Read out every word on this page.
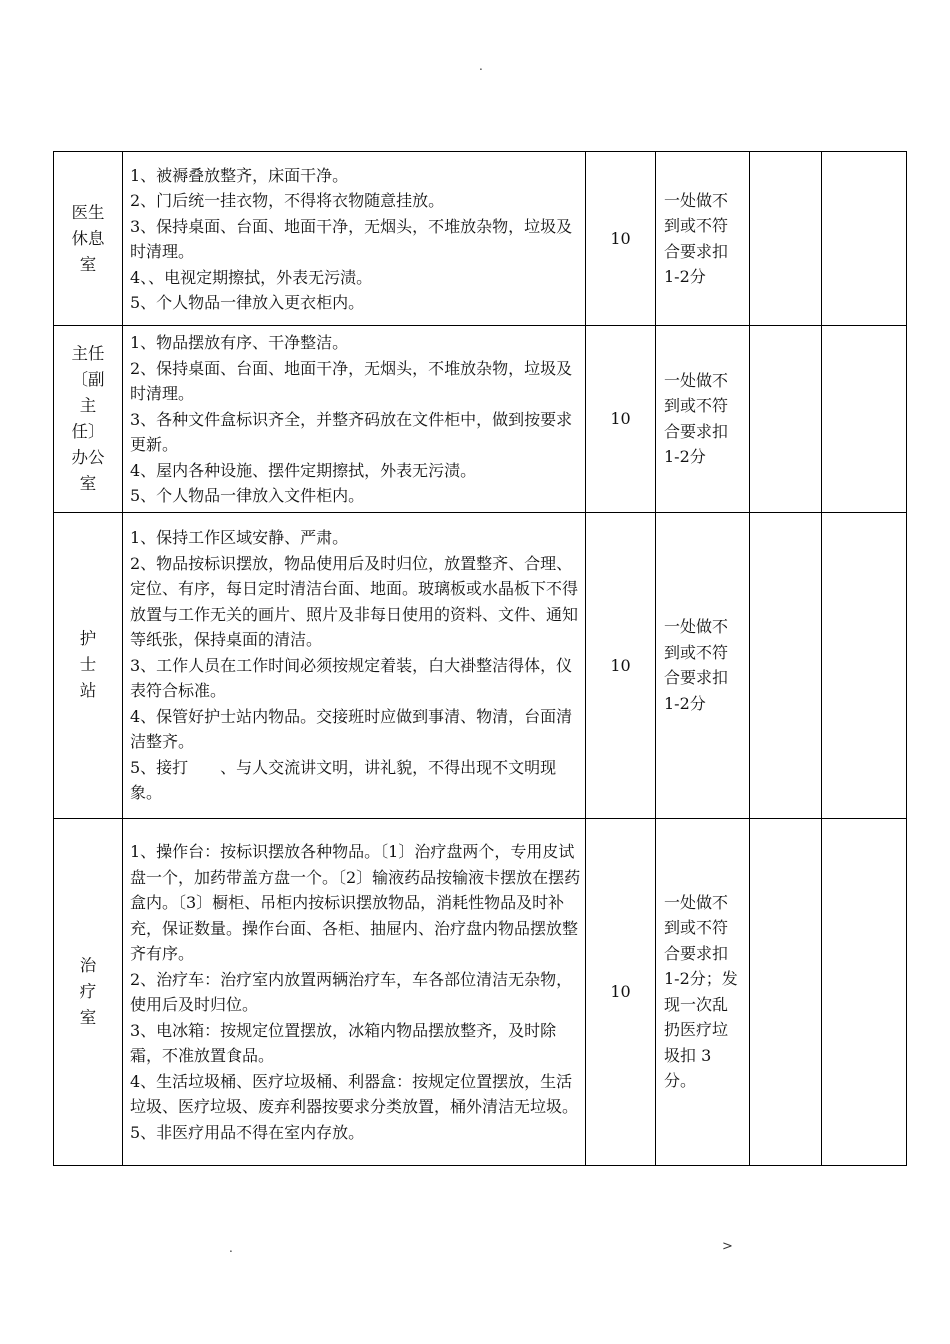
.
医生休息室	1、被褥叠放整齐，床面干净。

2、门后统一挂衣物，不得将衣物随意挂放。

3、保持桌面、台面、地面干净，无烟头，不堆放杂物，垃圾及时清理。

4、、电视定期擦拭，外表无污渍。

5、个人物品一律放入更衣柜内。	10	一处做不到或不符合要求扣1-2分		

主任〔副主任〕办公室	1、物品摆放有序、干净整洁。

2、保持桌面、台面、地面干净，无烟头，不堆放杂物，垃圾及时清理。

3、各种文件盒标识齐全，并整齐码放在文件柜中，做到按要求更新。

4、屋内各种设施、摆件定期擦拭，外表无污渍。

5、个人物品一律放入文件柜内。	10	一处做不到或不符合要求扣1-2分		

护士站	1、保持工作区域安静、严肃。

2、物品按标识摆放，物品使用后及时归位，放置整齐、合理、定位、有序，每日定时清洁台面、地面。玻璃板或水晶板下不得放置与工作无关的画片、照片及非每日使用的资料、文件、通知等纸张，保持桌面的清洁。

3、工作人员在工作时间必须按规定着装，白大褂整洁得体，仪表符合标准。

4、保管好护士站内物品。交接班时应做到事清、物清，台面清洁整齐。

5、接打　　、与人交流讲文明，讲礼貌，不得出现不文明现象。	10	一处做不到或不符合要求扣1-2分		

治疗室	1、操作台：按标识摆放各种物品。〔1〕治疗盘两个，专用皮试盘一个，加药带盖方盘一个。〔2〕输液药品按输液卡摆放在摆药盒内。〔3〕橱柜、吊柜内按标识摆放物品，消耗性物品及时补充，保证数量。操作台面、各柜、抽屉内、治疗盘内物品摆放整齐有序。

2、治疗车：治疗室内放置两辆治疗车，车各部位清洁无杂物，使用后及时归位。

3、电冰箱：按规定位置摆放，冰箱内物品摆放整齐，及时除霜，不准放置食品。

4、生活垃圾桶、医疗垃圾桶、利器盒：按规定位置摆放，生活垃圾、医疗垃圾、废弃利器按要求分类放置，桶外清洁无垃圾。

5、非医疗用品不得在室内存放。	10	一处做不到或不符合要求扣1-2分；发现一次乱扔医疗垃圾扣 3分。		
.	>
